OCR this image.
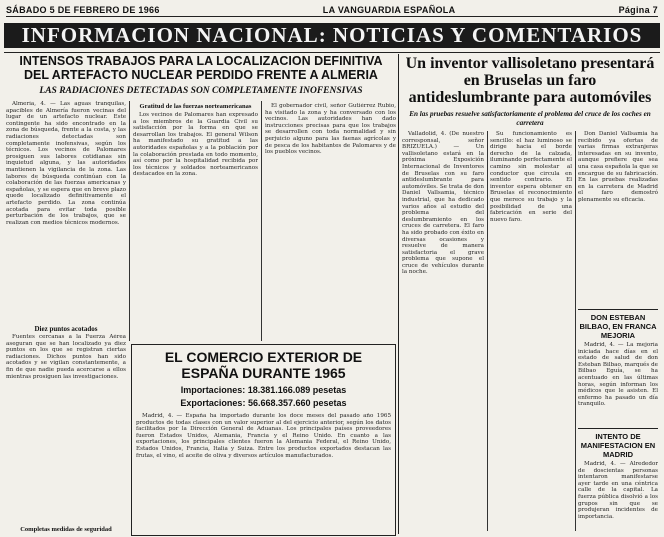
SÁBADO 5 DE FEBRERO DE 1966	LA VANGUARDIA ESPAÑOLA	Página 7
INFORMACION NACIONAL: NOTICIAS Y COMENTARIOS
INTENSOS TRABAJOS PARA LA LOCALIZACION DEFINITIVA DEL ARTEFACTO NUCLEAR PERDIDO FRENTE A ALMERIA
LAS RADIACIONES DETECTADAS SON COMPLETAMENTE INOFENSIVAS

Almería, 4. — Las aguas tranquilas, apacibles de Almería fueron vecinas del lugar de un artefacto nuclear. Este contingente ha sido encontrado en la zona de búsqueda, frente a la costa, y las radiaciones detectadas son completamente inofensivas, según los técnicos. Los vecinos de Palomares prosiguen sus labores cotidianas sin inquietud alguna, y las autoridades mantienen la vigilancia de la zona. Las labores de búsqueda continúan con la colaboración de las fuerzas americanas y españolas, y se espera que en breve plazo quede localizado definitivamente el artefacto perdido. La zona continúa acotada para evitar toda posible perturbación de los trabajos, que se realizan con medios técnicos modernos.

Diez puntos acotados

Fuentes cercanas a la Fuerza Aérea aseguran que se han localizado ya diez puntos en los que se registran ciertas radiaciones. Dichos puntos han sido acotados y se vigilan constantemente, a fin de que nadie pueda acercarse a ellos mientras prosiguen las investigaciones.

Completas medidas de seguridad
Gratitud de las fuerzas norteamericanas

Los vecinos de Palomares han expresado a los miembros de la Guardia Civil su satisfacción por la forma en que se desarrollan los trabajos. El general Wilson ha manifestado su gratitud a las autoridades españolas y a la población por la colaboración prestada en todo momento, así como por la hospitalidad recibida por los técnicos y soldados norteamericanos destacados en la zona.

El gobernador civil, señor Gutiérrez Rubio, ha visitado la zona y ha conversado con los vecinos. Las autoridades han dado instrucciones precisas para que los trabajos se desarrollen con toda normalidad y sin perjuicio alguno para las faenas agrícolas y de pesca de los habitantes de Palomares y de los pueblos vecinos.

EL COMERCIO EXTERIOR DE ESPAÑA DURANTE 1965
Importaciones: 18.381.166.089 pesetas
Exportaciones: 56.668.357.660 pesetas

Madrid, 4. — España ha importado durante los doce meses del pasado año 1965 productos de todas clases con un valor superior al del ejercicio anterior, según los datos facilitados por la Dirección General de Aduanas. Los principales países proveedores fueron Estados Unidos, Alemania, Francia y el Reino Unido. En cuanto a las exportaciones, los principales clientes fueron la Alemania Federal, el Reino Unido, Estados Unidos, Francia, Italia y Suiza. Entre los productos exportados destacan las frutas, el vino, el aceite de oliva y diversos artículos manufacturados.

Un inventor vallisoletano presentará en Bruselas un faro antideslumbrante para automóviles
En las pruebas resuelve satisfactoriamente el problema del cruce de los coches en carretera

Valladolid, 4. (De nuestro corresponsal, señor BRIZUELA.) — Un vallisoletano estará en la próxima Exposición Internacional de Inventores de Bruselas con su faro antideslumbrante para automóviles. Se trata de don Daniel Vallsamia, técnico industrial, que ha dedicado varios años al estudio del problema del deslumbramiento en los cruces de carretera. El faro ha sido probado con éxito en diversas ocasiones y resuelve de manera satisfactoria el grave problema que supone el cruce de vehículos durante la noche.

Su funcionamiento es sencillo: el haz luminoso se dirige hacia el borde derecho de la calzada, iluminando perfectamente el camino sin molestar al conductor que circula en sentido contrario. El inventor espera obtener en Bruselas el reconocimiento que merece su trabajo y la posibilidad de una fabricación en serie del nuevo faro.

Don Daniel Vallsamia ha recibido ya ofertas de varias firmas extranjeras interesadas en su invento, aunque prefiere que sea una casa española la que se encargue de su fabricación. En las pruebas realizadas en la carretera de Madrid el faro demostró plenamente su eficacia.

DON ESTEBAN BILBAO, EN FRANCA MEJORIA

Madrid, 4. — La mejoría iniciada hace días en el estado de salud de don Esteban Bilbao, marqués de Bilbao Eguía, se ha acentuado en las últimas horas, según informan los médicos que le asisten. El enfermo ha pasado un día tranquilo.

INTENTO DE MANIFESTACION EN MADRID

Madrid, 4. — Alrededor de doscientas personas intentaron manifestarse ayer tarde en una céntrica calle de la capital. La fuerza pública disolvió a los grupos sin que se produjeran incidentes de importancia.
